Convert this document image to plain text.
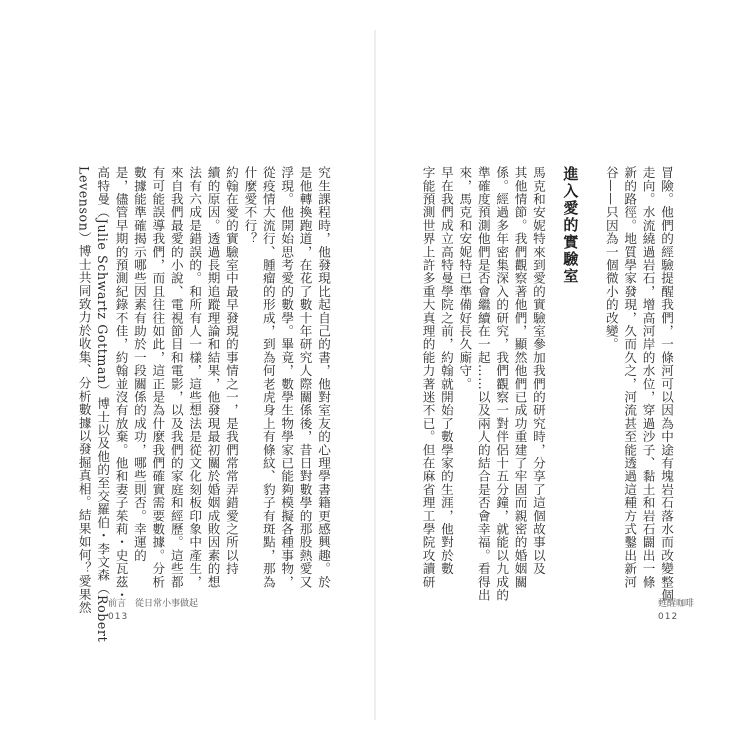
究生課程時，他發現比起自己的書，他對室友的心理學書籍更感興趣。於

是他轉換跑道，在花了數十年研究人際關係後，昔日對數學的那股熱愛又

浮現。他開始思考愛的數學。畢竟，數學生物學家已能夠模擬各種事物，

從疫情大流行、腫瘤的形成，到為何老虎身上有條紋、豹子有斑點，那為

什麼愛不行？

約翰在愛的實驗室中最早發現的事情之一，是我們常常弄錯愛之所以持

續的原因。透過長期追蹤理論和結果，他發現最初關於婚姻成敗因素的想

法有六成是錯誤的。和所有人一樣，這些想法是從文化刻板印象中產生，

來自我們最愛的小說、電視節目和電影，以及我們的家庭和經歷。這些都

有可能誤導我們，而且往往如此，這正是為什麼我們確實需要數據。分析

數據能準確揭示哪些因素有助於一段關係的成功，哪些則否。幸運的

是，儘管早期的預測紀錄不佳，約翰並沒有放棄。他和妻子茱莉・史瓦茲・

高特曼（Julie Schwartz Gottman）博士以及他的至交羅伯・李文森（Robert

Levenson）博士共同致力於收集、分析數據以發掘真相。結果如何？愛果然 前言　從日常小事做起
013

冒險。他們的經驗提醒我們，一條河可以因為中途有塊岩石落水而改變整個

走向。水流繞過岩石，增高河岸的水位，穿過沙子、黏土和岩石闢出一條

新的路徑。地質學家發現，久而久之，河流甚至能透過這種方式鑿出新河

谷——只因為一個微小的改變。

進入愛的實驗室

馬克和安妮特來到愛的實驗室參加我們的研究時，分享了這個故事以及

其他情節。我們觀察著他們，顯然他們已成功重建了牢固而親密的婚姻關

係。經過多年密集深入的研究，我們觀察一對伴侶十五分鐘，就能以九成的

準確度預測他們是否會繼續在一起……以及兩人的結合是否會幸福。看得出

來，馬克和安妮特已準備好長久廝守。

早在我們成立高特曼學院之前，約翰就開始了數學家的生涯，他對於數

字能預測世界上許多重大真理的能力著迷不已。但在麻省理工學院攻讀研

甦醒咖啡
012
